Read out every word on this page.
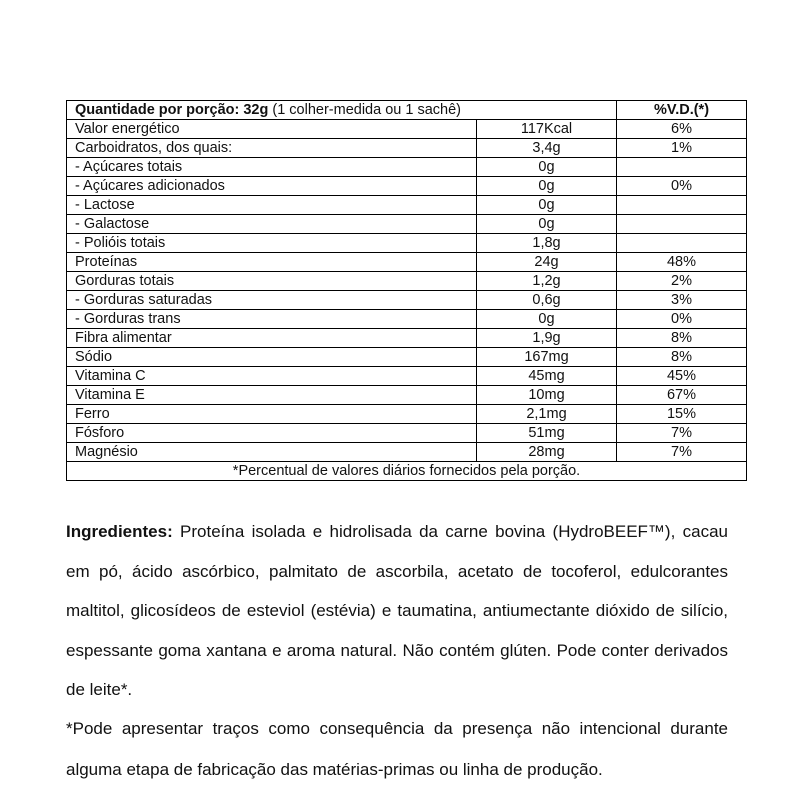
Quantidade por porção: 32g (1 colher-medida ou 1 sachê)		%V.D.(*)
Valor energético	117Kcal	6%
Carboidratos, dos quais:	3,4g	1%
- Açúcares totais	0g	
- Açúcares adicionados	0g	0%
- Lactose	0g	
- Galactose	0g	
- Polióis totais	1,8g	
Proteínas	24g	48%
Gorduras totais	1,2g	2%
- Gorduras saturadas	0,6g	3%
- Gorduras trans	0g	0%
Fibra alimentar	1,9g	8%
Sódio	167mg	8%
Vitamina C	45mg	45%
Vitamina E	10mg	67%
Ferro	2,1mg	15%
Fósforo	51mg	7%
Magnésio	28mg	7%
*Percentual de valores diários fornecidos pela porção.		

Ingredientes: Proteína isolada e hidrolisada da carne bovina (HydroBEEF™), cacau em pó, ácido ascórbico, palmitato de ascorbila, acetato de tocoferol, edulcorantes maltitol, glicosídeos de esteviol (estévia) e taumatina, antiumectante dióxido de silício, espessante goma xantana e aroma natural. Não contém glúten. Pode conter derivados de leite*.

*Pode apresentar traços como consequência da presença não intencional durante alguma etapa de fabricação das matérias-primas ou linha de produção.
